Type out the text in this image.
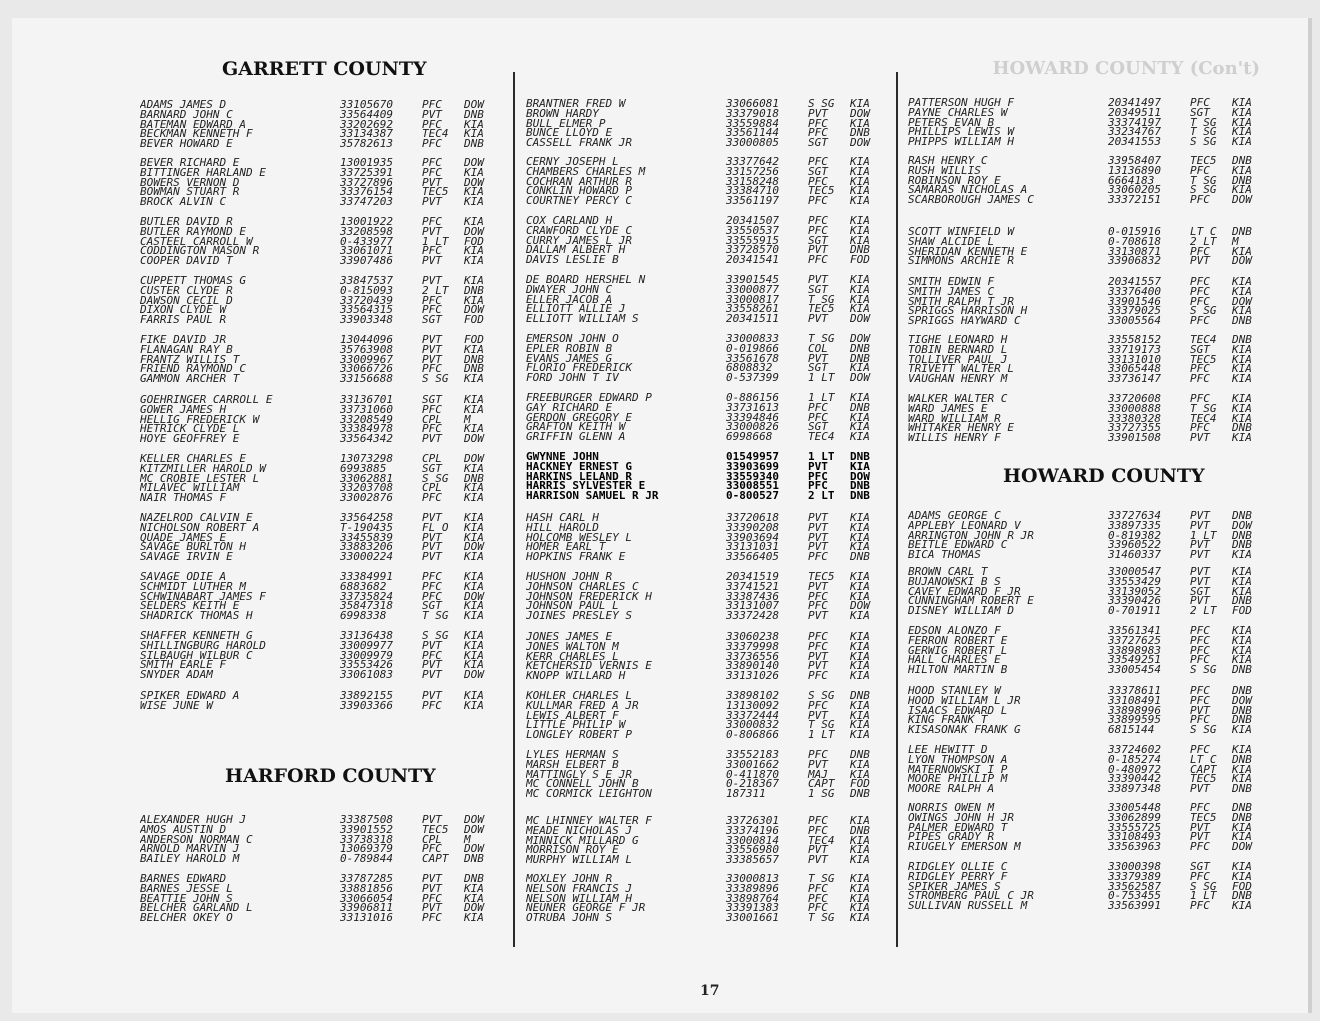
HOWARD COUNTY (Con't)
GARRETT COUNTY
HARFORD COUNTY
HOWARD COUNTY
ADAMS JAMES D	33105670	PFC	DOW
BARNARD JOHN C	33564409	PVT	DNB
BATEMAN EDWARD A	33202692	PFC	KIA
BECKMAN KENNETH F	33134387	TEC4	KIA
BEVER HOWARD E	35782613	PFC	DNB
BEVER RICHARD E	13001935	PFC	DOW
BITTINGER HARLAND E	33725391	PFC	KIA
BOWERS VERNON D	33727896	PVT	DOW
BOWMAN STUART R	33376154	TEC5	KIA
BROCK ALVIN C	33747203	PVT	KIA
BUTLER DAVID R	13001922	PFC	KIA
BUTLER RAYMOND E	33208598	PVT	DOW
CASTEEL CARROLL W	0-433977	1 LT	FOD
CODDINGTON MASON R	33061071	PFC	KIA
COOPER DAVID T	33907486	PVT	KIA
CUPPETT THOMAS G	33847537	PVT	KIA
CUSTER CLYDE R	0-815093	2 LT	DNB
DAWSON CECIL D	33720439	PFC	KIA
DIXON CLYDE W	33564315	PFC	DOW
FARRIS PAUL R	33903348	SGT	FOD
FIKE DAVID JR	13044096	PVT	FOD
FLANAGAN RAY B	35763908	PVT	KIA
FRANTZ WILLIS T	33009967	PVT	DNB
FRIEND RAYMOND C	33066726	PFC	DNB
GAMMON ARCHER T	33156688	S SG	KIA
GOEHRINGER CARROLL E	33136701	SGT	KIA
GOWER JAMES H	33731060	PFC	KIA
HELLIG FREDERICK W	33208549	CPL	M
HETRICK CLYDE L	33384978	PFC	KIA
HOYE GEOFFREY E	33564342	PVT	DOW
KELLER CHARLES E	13073298	CPL	DOW
KITZMILLER HAROLD W	6993885	SGT	KIA
MC CROBIE LESTER L	33062881	S SG	DNB
MILAVEC WILLIAM	33203708	CPL	KIA
NAIR THOMAS F	33002876	PFC	KIA
NAZELROD CALVIN E	33564258	PVT	KIA
NICHOLSON ROBERT A	T-190435	FL O	KIA
QUADE JAMES E	33455839	PVT	KIA
SAVAGE BURLTON H	33883206	PVT	DOW
SAVAGE IRVIN E	33000224	PVT	KIA
SAVAGE ODIE A	33384991	PFC	KIA
SCHMIDT LUTHER M	6883682	PFC	KIA
SCHWINABART JAMES F	33735824	PFC	DOW
SELDERS KEITH E	35847318	SGT	KIA
SHADRICK THOMAS H	6998338	T SG	KIA
SHAFFER KENNETH G	33136438	S SG	KIA
SHILLINGBURG HAROLD	33009977	PVT	KIA
SILBAUGH WILBUR C	33009979	PFC	KIA
SMITH EARLE F	33553426	PVT	KIA
SNYDER ADAM	33061083	PVT	DOW
SPIKER EDWARD A	33892155	PVT	KIA
WISE JUNE W	33903366	PFC	KIA
ALEXANDER HUGH J	33387508	PVT	DOW
AMOS AUSTIN D	33901552	TEC5	DOW
ANDERSON NORMAN C	33738318	CPL	M
ARNOLD MARVIN J	13069379	PFC	DOW
BAILEY HAROLD M	0-789844	CAPT	DNB
BARNES EDWARD	33787285	PVT	DNB
BARNES JESSE L	33881856	PVT	KIA
BEATTIE JOHN S	33066054	PFC	KIA
BELCHER GARLAND L	33906811	PVT	DOW
BELCHER OKEY O	33131016	PFC	KIA
BRANTNER FRED W	33066081	S SG	KIA
BROWN HARDY	33379018	PVT	DOW
BULL ELMER P	33559884	PFC	KIA
BUNCE LLOYD E	33561144	PFC	DNB
CASSELL FRANK JR	33000805	SGT	DOW
CERNY JOSEPH L	33377642	PFC	KIA
CHAMBERS CHARLES M	33157256	SGT	KIA
COCHRAN ARTHUR R	33158248	PFC	KIA
CONKLIN HOWARD P	33384710	TEC5	KIA
COURTNEY PERCY C	33561197	PFC	KIA
COX CARLAND H	20341507	PFC	KIA
CRAWFORD CLYDE C	33550537	PFC	KIA
CURRY JAMES L JR	33555915	SGT	KIA
DALLAM ALBERT H	33728570	PVT	DNB
DAVIS LESLIE B	20341541	PFC	FOD
DE BOARD HERSHEL N	33901545	PVT	KIA
DWAYER JOHN C	33000877	SGT	KIA
ELLER JACOB A	33000817	T SG	KIA
ELLIOTT ALLIE J	33558261	TEC5	KIA
ELLIOTT WILLIAM S	20341511	PVT	DOW
EMERSON JOHN O	33000833	T SG	DOW
EPLER ROBIN B	0-019866	COL	DNB
EVANS JAMES G	33561678	PVT	DNB
FLORIO FREDERICK	6808832	SGT	KIA
FORD JOHN T IV	0-537399	1 LT	DOW
FREEBURGER EDWARD P	0-886156	1 LT	KIA
GAY RICHARD E	33731613	PFC	DNB
GERDON GREGORY E	33394846	PFC	KIA
GRAFTON KEITH W	33000826	SGT	KIA
GRIFFIN GLENN A	6998668	TEC4	KIA
GWYNNE JOHN	01549957	1 LT	DNB
HACKNEY ERNEST G	33903699	PVT	KIA
HARKINS LELAND R	33559340	PFC	DOW
HARRIS SYLVESTER E	33008551	PFC	DNB
HARRISON SAMUEL R JR	0-800527	2 LT	DNB
HASH CARL H	33720618	PVT	KIA
HILL HAROLD	33390208	PVT	KIA
HOLCOMB WESLEY L	33903694	PVT	KIA
HOMER EARL T	33131031	PVT	KIA
HOPKINS FRANK E	33566405	PFC	DNB
HUSHON JOHN R	20341519	TEC5	KIA
JOHNSON CHARLES C	33741521	PVT	KIA
JOHNSON FREDERICK H	33387436	PFC	KIA
JOHNSON PAUL L	33131007	PFC	DOW
JOINES PRESLEY S	33372428	PVT	KIA
JONES JAMES E	33060238	PFC	KIA
JONES WALTON M	33379998	PFC	KIA
KERR CHARLES L	33736556	PVT	KIA
KETCHERSID VERNIS E	33890140	PVT	KIA
KNOPP WILLARD H	33131026	PFC	KIA
KOHLER CHARLES L	33898102	S SG	DNB
KULLMAR FRED A JR	13130092	PFC	KIA
LEWIS ALBERT F	33372444	PVT	KIA
LITTLE PHILIP W	33000832	T SG	KIA
LONGLEY ROBERT P	0-806866	1 LT	KIA
LYLES HERMAN S	33552183	PFC	DNB
MARSH ELBERT B	33001662	PVT	KIA
MATTINGLY S E JR	0-411870	MAJ	KIA
MC CONNELL JOHN B	0-218367	CAPT	FOD
MC CORMICK LEIGHTON	187311	1 SG	DNB
MC LHINNEY WALTER F	33726301	PFC	KIA
MEADE NICHOLAS J	33374196	PFC	DNB
MINNICK MILLARD G	33000814	TEC4	KIA
MORRISON ROY E	33556980	PVT	KIA
MURPHY WILLIAM L	33385657	PVT	KIA
MOXLEY JOHN R	33000813	T SG	KIA
NELSON FRANCIS J	33389896	PFC	KIA
NELSON WILLIAM H	33898764	PFC	KIA
NEUNER GEORGE F JR	33391383	PFC	KIA
OTRUBA JOHN S	33001661	T SG	KIA
PATTERSON HUGH F	20341497	PFC	KIA
PAYNE CHARLES W	20349511	SGT	KIA
PETERS EVAN B	33374197	T SG	KIA
PHILLIPS LEWIS W	33234767	T SG	KIA
PHIPPS WILLIAM H	20341553	S SG	KIA
RASH HENRY C	33958407	TEC5	DNB
RUSH WILLIS	13136890	PFC	KIA
ROBINSON ROY E	6664183	T SG	DNB
SAMARAS NICHOLAS A	33060205	S SG	KIA
SCARBOROUGH JAMES C	33372151	PFC	DOW
SCOTT WINFIELD W	0-015916	LT C	DNB
SHAW ALCIDE L	0-708618	2 LT	M
SHERIDAN KENNETH E	33130871	PFC	KIA
SIMMONS ARCHIE R	33906832	PVT	DOW
SMITH EDWIN F	20341557	PFC	KIA
SMITH JAMES C	33376400	PFC	KIA
SMITH RALPH T JR	33901546	PFC	DOW
SPRIGGS HARRISON H	33379025	S SG	KIA
SPRIGGS HAYWARD C	33005564	PFC	DNB
TIGHE LEONARD H	33558152	TEC4	DNB
TOBIN BERNARD L	33719173	SGT	KIA
TOLLIVER PAUL J	33131010	TEC5	KIA
TRIVETT WALTER L	33065448	PFC	KIA
VAUGHAN HENRY M	33736147	PFC	KIA
WALKER WALTER C	33720608	PFC	KIA
WARD JAMES E	33000888	T SG	KIA
WARD WILLIAM R	33380328	TEC4	KIA
WHITAKER HENRY E	33727355	PFC	DNB
WILLIS HENRY F	33901508	PVT	KIA
ADAMS GEORGE C	33727634	PVT	DNB
APPLEBY LEONARD V	33897335	PVT	DOW
ARRINGTON JOHN R JR	0-819382	1 LT	DNB
BEITLE EDWARD C	33960522	PVT	DNB
BICA THOMAS	31460337	PVT	KIA
BROWN CARL T	33000547	PVT	KIA
BUJANOWSKI B S	33553429	PVT	KIA
CAVEY EDWARD F JR	33139052	SGT	KIA
CUNNINGHAM ROBERT E	33390426	PVT	DNB
DISNEY WILLIAM D	0-701911	2 LT	FOD
EDSON ALONZO F	33561341	PFC	KIA
FERRON ROBERT E	33727625	PFC	KIA
GERWIG ROBERT L	33898983	PFC	KIA
HALL CHARLES E	33549251	PFC	KIA
HILTON MARTIN B	33005454	S SG	DNB
HOOD STANLEY W	33378611	PFC	DNB
HOOD WILLIAM L JR	33108491	PFC	DOW
ISAACS EDWARD L	33898996	PVT	DNB
KING FRANK T	33899595	PFC	DNB
KISASONAK FRANK G	6815144	S SG	KIA
LEE HEWITT D	33724602	PFC	KIA
LYON THOMPSON A	0-185274	LT C	DNB
MATERNOWSKI I P	0-480972	CAPT	KIA
MOORE PHILLIP M	33390442	TEC5	KIA
MOORE RALPH A	33897348	PVT	DNB
NORRIS OWEN M	33005448	PFC	DNB
OWINGS JOHN H JR	33062899	TEC5	DNB
PALMER EDWARD T	33555725	PVT	KIA
PIPES GRADY R	33108493	PVT	KIA
RIUGELY EMERSON M	33563963	PFC	DOW
RIDGLEY OLLIE C	33000398	SGT	KIA
RIDGLEY PERRY F	33379389	PFC	KIA
SPIKER JAMES S	33562587	S SG	FOD
STROMBERG PAUL C JR	0-753455	1 LT	DNB
SULLIVAN RUSSELL M	33563991	PFC	KIA
17
